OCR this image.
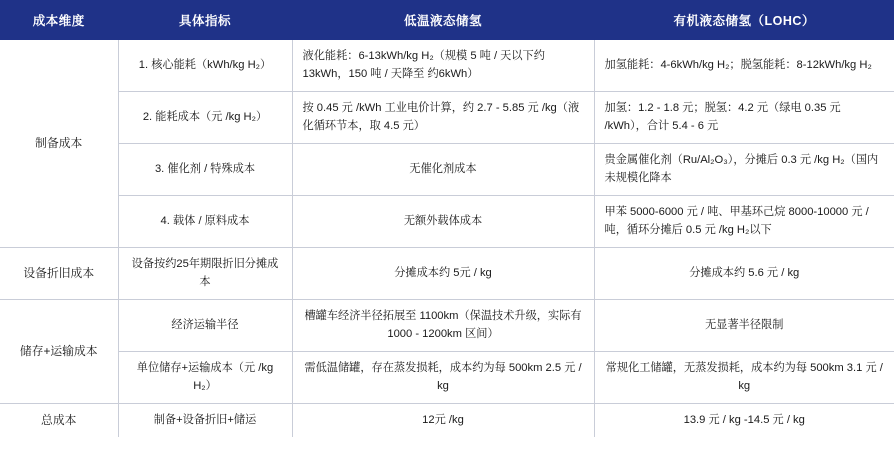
成本维度	具体指标	低温液态储氢	有机液态储氢（LOHC）
制备成本	1. 核心能耗（kWh/kg H₂）	液化能耗：6-13kWh/kg H₂（规模 5 吨 / 天以下约 13kWh，150 吨 / 天降至 约6kWh）	加氢能耗：4-6kWh/kg H₂；脱氢能耗：8-12kWh/kg H₂
	2. 能耗成本（元 /kg H₂）	按 0.45 元 /kWh 工业电价计算，约 2.7 - 5.85 元 /kg（液化循环节本，取 4.5 元）	加氢：1.2 - 1.8 元；脱氢：4.2 元（绿电 0.35 元 /kWh），合计 5.4 - 6 元
	3. 催化剂 / 特殊成本	无催化剂成本	贵金属催化剂（Ru/Al₂O₃），分摊后 0.3 元 /kg H₂（国内未规模化降本
	4. 载体 / 原料成本	无额外载体成本	甲苯 5000-6000 元 / 吨、甲基环己烷 8000-10000 元 / 吨，循环分摊后 0.5 元 /kg H₂以下
设备折旧成本	设备按约25年期限折旧分摊成本	分摊成本约 5元 / kg	分摊成本约 5.6 元 / kg
储存+运输成本	经济运输半径	槽罐车经济半径拓展至 1100km（保温技术升级，实际有 1000 - 1200km 区间）	无显著半径限制
	单位储存+运输成本（元 /kg H₂）	需低温储罐，存在蒸发损耗，成本约为每 500km 2.5 元 / kg	常规化工储罐，无蒸发损耗，成本约为每 500km 3.1 元 / kg
总成本	制备+设备折旧+储运	12元 /kg	13.9 元 / kg -14.5 元 / kg
